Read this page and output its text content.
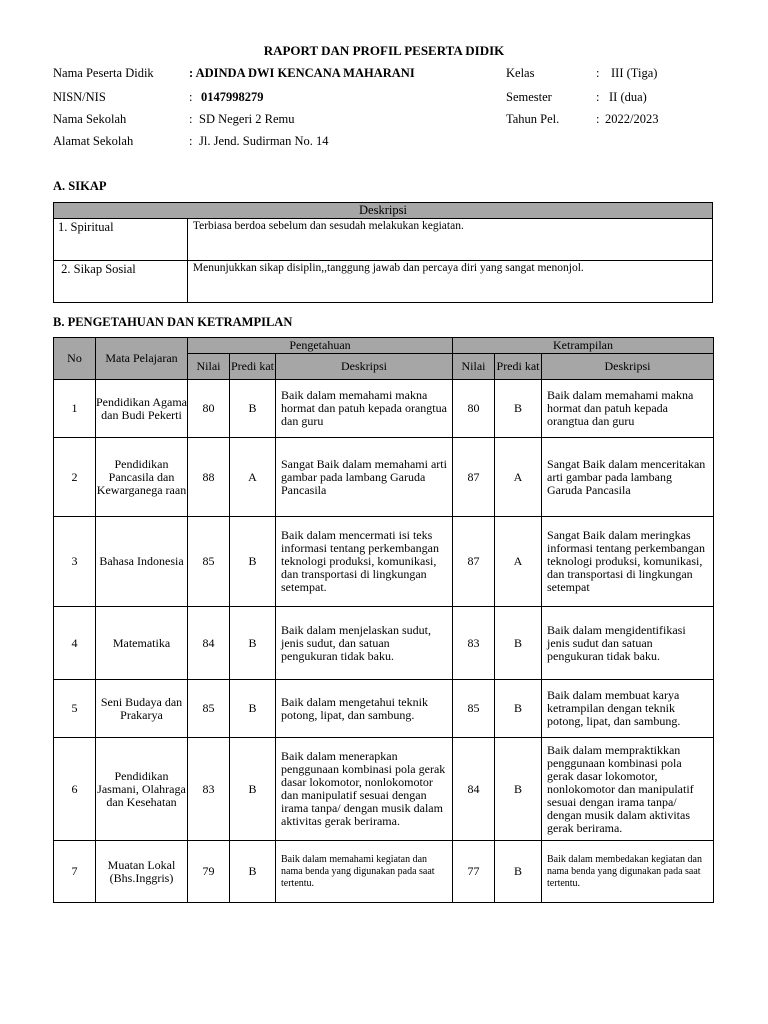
RAPORT DAN PROFIL PESERTA DIDIK
Nama Peserta Didik	: ADINDA DWI KENCANA MAHARANI
NISN/NIS	: 0147998279
Nama Sekolah	: SD Negeri 2 Remu
Alamat Sekolah	: Jl. Jend. Sudirman No. 14
Kelas	: III (Tiga)
Semester	: II (dua)
Tahun Pel.	: 2022/2023
A. SIKAP
Deskripsi	
1. Spiritual	Terbiasa berdoa sebelum dan sesudah melakukan kegiatan.
2. Sikap Sosial	Menunjukkan sikap disiplin,,tanggung jawab dan percaya diri yang sangat menonjol.
B. PENGETAHUAN DAN KETRAMPILAN
No	Mata Pelajaran	Pengetahuan			Ketrampilan		
		Nilai	Predi kat	Deskripsi	Nilai	Predi kat	Deskripsi
1	Pendidikan Agama dan Budi Pekerti	80	B	Baik dalam memahami makna hormat dan patuh kepada orangtua dan guru	80	B	Baik dalam memahami makna hormat dan patuh kepada orangtua dan guru
2	Pendidikan Pancasila dan Kewarganega raan	88	A	Sangat Baik dalam memahami arti gambar pada lambang Garuda Pancasila	87	A	Sangat Baik dalam menceritakan arti gambar pada lambang Garuda Pancasila
3	Bahasa Indonesia	85	B	Baik dalam mencermati isi teks informasi tentang perkembangan teknologi produksi, komunikasi, dan transportasi di lingkungan setempat.	87	A	Sangat Baik dalam meringkas informasi tentang perkembangan teknologi produksi, komunikasi, dan transportasi di lingkungan setempat
4	Matematika	84	B	Baik dalam menjelaskan sudut, jenis sudut, dan satuan pengukuran tidak baku.	83	B	Baik dalam mengidentifikasi jenis sudut dan satuan pengukuran tidak baku.
5	Seni Budaya dan Prakarya	85	B	Baik dalam mengetahui teknik potong, lipat, dan sambung.	85	B	Baik dalam membuat karya ketrampilan dengan teknik potong, lipat, dan sambung.
6	Pendidikan Jasmani, Olahraga dan Kesehatan	83	B	Baik dalam menerapkan penggunaan kombinasi pola gerak dasar lokomotor, nonlokomotor dan manipulatif sesuai dengan irama tanpa/ dengan musik dalam aktivitas gerak berirama.	84	B	Baik dalam mempraktikkan penggunaan kombinasi pola gerak dasar lokomotor, nonlokomotor dan manipulatif sesuai dengan irama tanpa/ dengan musik dalam aktivitas gerak berirama.
7	Muatan Lokal (Bhs.Inggris)	79	B	Baik dalam memahami kegiatan dan nama benda yang digunakan pada saat tertentu.	77	B	Baik dalam membedakan kegiatan dan nama benda yang digunakan pada saat tertentu.
